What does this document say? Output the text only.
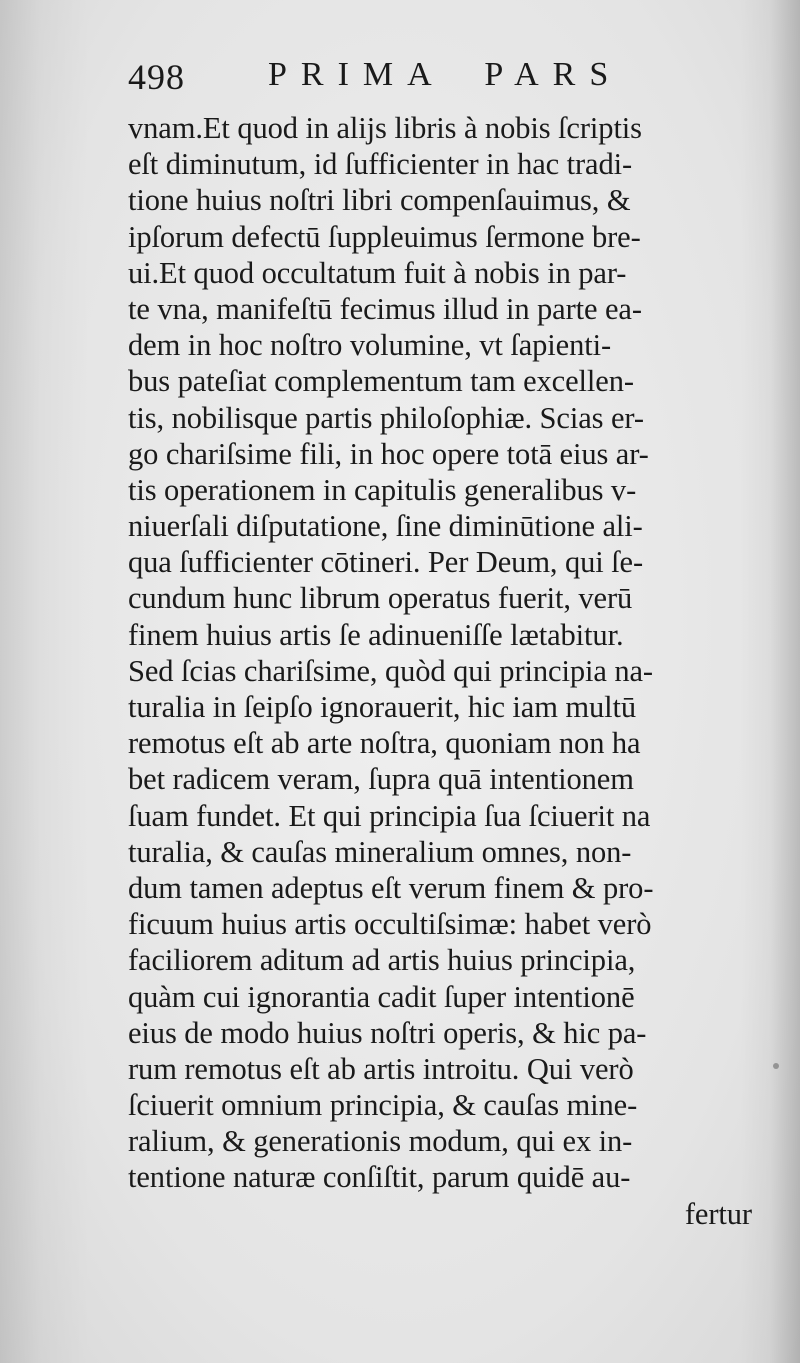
498 PRIMA PARS
vnam.Et quod in alijs libris à nobis ſcriptis
eſt diminutum, id ſufficienter in hac tradi-
tione huius noſtri libri compenſauimus, &
ipſorum defectū ſuppleuimus ſermone bre-
ui.Et quod occultatum fuit à nobis in par-
te vna, manifeſtū fecimus illud in parte ea-
dem in hoc noſtro volumine, vt ſapienti-
bus pateſiat complementum tam excellen-
tis, nobilisque partis philoſophiæ. Scias er-
go chariſsime fili, in hoc opere totā eius ar-
tis operationem in capitulis generalibus v-
niuerſali diſputatione, ſine diminūtione ali-
qua ſufficienter cōtineri. Per Deum, qui ſe-
cundum hunc librum operatus fuerit, verū
finem huius artis ſe adinueniſſe lætabitur.
Sed ſcias chariſsime, quòd qui principia na-
turalia in ſeipſo ignorauerit, hic iam multū
remotus eſt ab arte noſtra, quoniam non ha
bet radicem veram, ſupra quā intentionem
ſuam fundet. Et qui principia ſua ſciuerit na
turalia, & cauſas mineralium omnes, non-
dum tamen adeptus eſt verum finem & pro-
ficuum huius artis occultiſsimæ: habet verò
faciliorem aditum ad artis huius principia,
quàm cui ignorantia cadit ſuper intentionē
eius de modo huius noſtri operis, & hic pa-
rum remotus eſt ab artis introitu. Qui verò
ſciuerit omnium principia, & cauſas mine-
ralium, & generationis modum, qui ex in-
tentione naturæ conſiſtit, parum quidē au-
fertur
